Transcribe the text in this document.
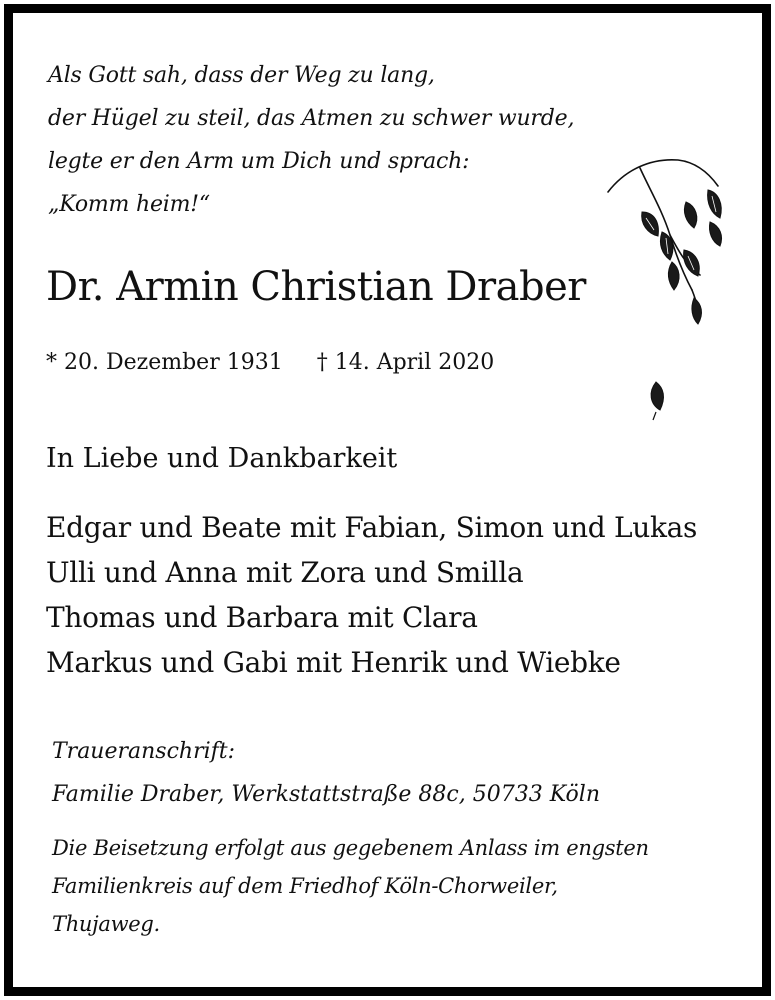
Als Gott sah, dass der Weg zu lang,
der Hügel zu steil, das Atmen zu schwer wurde,
legte er den Arm um Dich und sprach:
„Komm heim!“
Dr. Armin Christian Draber
* 20. Dezember 1931 † 14. April 2020
In Liebe und Dankbarkeit
Edgar und Beate mit Fabian, Simon und Lukas
Ulli und Anna mit Zora und Smilla
Thomas und Barbara mit Clara
Markus und Gabi mit Henrik und Wiebke
Traueranschrift:
Familie Draber, Werkstattstraße 88c, 50733 Köln
Die Beisetzung erfolgt aus gegebenem Anlass im engsten
Familienkreis auf dem Friedhof Köln-Chorweiler,
Thujaweg.
